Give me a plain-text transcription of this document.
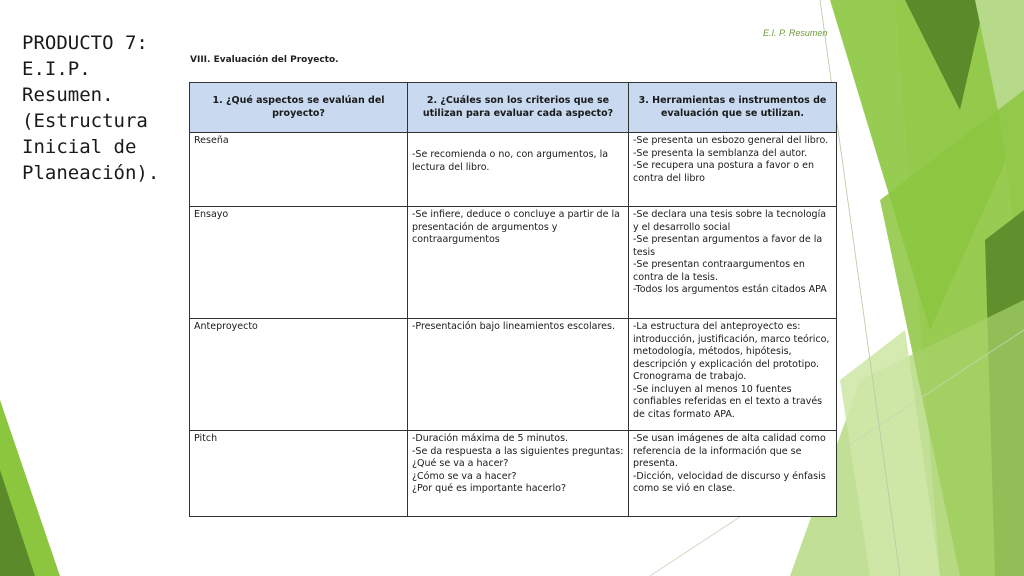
PRODUCTO 7:
E.I.P.
Resumen.
(Estructura
Inicial de
Planeación).
E.I. P. Resumen
VIII. Evaluación del Proyecto.
1. ¿Qué aspectos se evalúan del proyecto?	2. ¿Cuáles son los criterios que se utilizan para evaluar cada aspecto?	3. Herramientas e instrumentos de evaluación que se utilizan.
Reseña	-Se recomienda o no, con argumentos, la lectura del libro.	-Se presenta un esbozo general del libro.
-Se presenta la semblanza del autor.
-Se recupera una postura a favor o en contra del libro

Ensayo	-Se infiere, deduce o concluye a partir de la presentación de argumentos y contraargumentos	-Se declara una tesis sobre la tecnología y el desarrollo social
-Se presentan argumentos a favor de la tesis
-Se presentan contraargumentos en contra de la tesis.
-Todos los argumentos están citados APA

Anteproyecto	-Presentación bajo lineamientos escolares.	-La estructura del anteproyecto es: introducción, justificación, marco teórico, metodología, métodos, hipótesis, descripción y explicación del prototipo. Cronograma de trabajo.
-Se incluyen al menos 10 fuentes confiables referidas en el texto a través de citas formato APA.

Pitch	-Duración máxima de 5 minutos.
-Se da respuesta a las siguientes preguntas:
¿Qué se va a hacer?
¿Cómo se va a hacer?
¿Por qué es importante hacerlo?	-Se usan imágenes de alta calidad como referencia de la información que se presenta.
-Dicción, velocidad de discurso y énfasis como se vió en clase.
